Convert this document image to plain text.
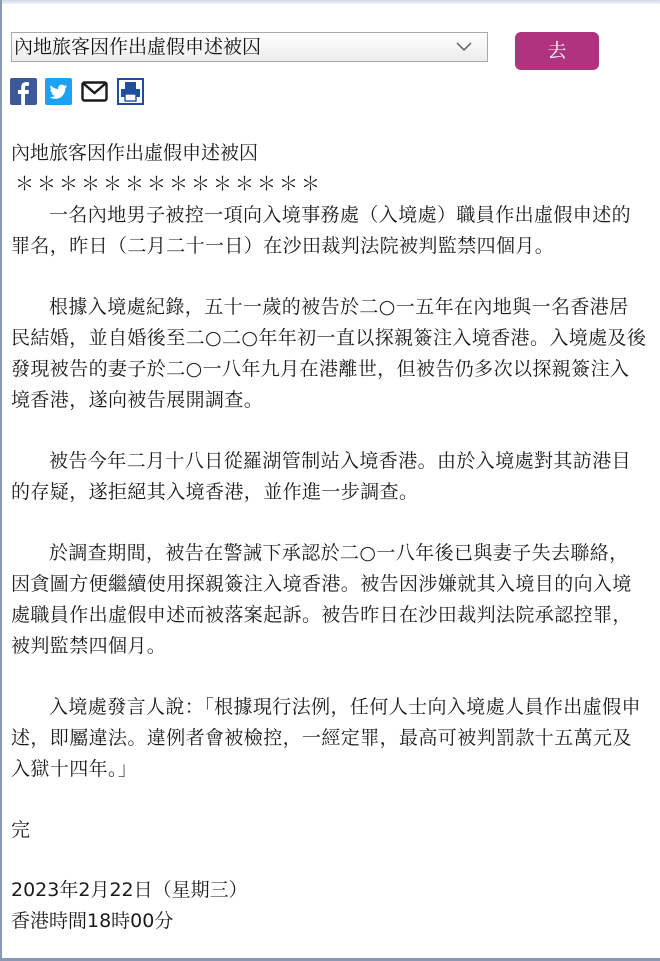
內地旅客因作出虛假申述被囚	去

內地旅客因作出虛假申述被囚

＊＊＊＊＊＊＊＊＊＊＊＊＊＊

一名內地男子被控一項向入境事務處（入境處）職員作出虛假申述的罪名，昨日（二月二十一日）在沙田裁判法院被判監禁四個月。

根據入境處紀錄，五十一歲的被告於二○一五年在內地與一名香港居民結婚，並自婚後至二○二○年年初一直以探親簽注入境香港。入境處及後發現被告的妻子於二○一八年九月在港離世，但被告仍多次以探親簽注入境香港，遂向被告展開調查。

被告今年二月十八日從羅湖管制站入境香港。由於入境處對其訪港目的存疑，遂拒絕其入境香港，並作進一步調查。

於調查期間，被告在警誡下承認於二○一八年後已與妻子失去聯絡，因貪圖方便繼續使用探親簽注入境香港。被告因涉嫌就其入境目的向入境處職員作出虛假申述而被落案起訴。被告昨日在沙田裁判法院承認控罪，被判監禁四個月。

入境處發言人說：「根據現行法例，任何人士向入境處人員作出虛假申述，即屬違法。違例者會被檢控，一經定罪，最高可被判罰款十五萬元及入獄十四年。」

完

2023年2月22日（星期三）

香港時間18時00分
